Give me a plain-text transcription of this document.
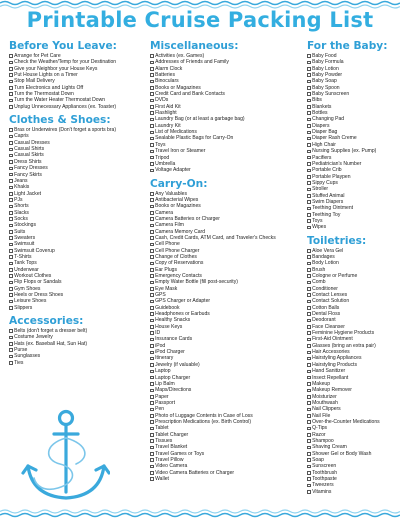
Printable Cruise Packing List
Before You Leave:
Arrange for Pet Care
Check the Weather/Temp for your Destination
Give your Neighbor your House Keys
Put House Lights on a Timer
Stop Mail Delivery
Turn Electronics and Lights Off
Turn the Thermostat Down
Turn the Water Heater Thermostat Down
Unplug Unnecessary Appliances (ex. Toaster)
Clothes & Shoes:
Bras or Underwires (Don't forget a sports bra)
Capris
Casual Dresses
Casual Shirts
Casual Skirts
Dress Shirts
Fancy Dresses
Fancy Skirts
Jeans
Khakis
Light Jacket
PJs
Shorts
Slacks
Socks
Stockings
Suits
Sweaters
Swimsuit
Swimsuit Coverup
T-Shirts
Tank Tops
Underwear
Workout Clothes
Flip Flops or Sandals
Gym Shoes
Heels or Dress Shoes
Leisure Shoes
Slippers
Accessories:
Belts (don't forget a dresser belt)
Costume Jewelry
Hats (ex. Baseball Hat, Sun Hat)
Purse
Sunglasses
Ties
Miscellaneous:
Activities (ex. Games)
Addresses of Friends and Family
Alarm Clock
Batteries
Binoculars
Books or Magazines
Credit Card and Bank Contacts
DVDs
First Aid Kit
Flashlight
Laundry Bag (or at least a garbage bag)
Laundry Kit
List of Medications
Sealable Plastic Bags for Carry-On
Toys
Travel Iron or Steamer
Tripod
Umbrella
Voltage Adapter
Carry-On:
Any Valuables
Antibacterial Wipes
Books or Magazines
Camera
Camera Batteries or Charger
Camera Film
Camera Memory Card
Cash, Credit Cards, ATM Card, and Traveler's Checks
Cell Phone
Cell Phone Charger
Change of Clothes
Copy of Reservations
Ear Plugs
Emergency Contacts
Empty Water Bottle (fill post-security)
Eye Mask
GPS
GPS Charger or Adapter
Guidebook
Headphones or Earbuds
Healthy Snacks
House Keys
ID
Insurance Cards
iPod
iPod Charger
Itinerary
Jewelry (if valuable)
Laptop
Laptop Charger
Lip Balm
Maps/Directions
Paper
Passport
Pen
Photo of Luggage Contents in Case of Loss
Prescription Medications (ex. Birth Control)
Tablet
Tablet Charger
Tissues
Travel Blanket
Travel Games or Toys
Travel Pillow
Video Camera
Video Camera Batteries or Charger
Wallet
For the Baby:
Baby Food
Baby Formula
Baby Lotion
Baby Powder
Baby Soap
Baby Spoon
Baby Sunscreen
Bibs
Blankets
Bottles
Changing Pad
Diapers
Diaper Bag
Diaper Rash Creme
High Chair
Nursing Supplies (ex. Pump)
Pacifiers
Pediatrician's Number
Portable Crib
Portable Playpen
Sippy Cups
Stroller
Stuffed Animal
Swim Diapers
Teething Ointment
Teething Toy
Toys
Wipes
Toiletries:
Aloe Vera Gel
Bandages
Body Lotion
Brush
Cologne or Perfume
Comb
Conditioner
Contact Lenses
Contact Solution
Cotton Balls
Dental Floss
Deodorant
Face Cleanser
Feminine Hygiene Products
First-Aid Ointment
Glasses (bring an extra pair)
Hair Accessories
Hairstyling Appliances
Hairstyling Products
Hand Sanitizer
Insect Repellant
Makeup
Makeup Remover
Moisturizer
Mouthwash
Nail Clippers
Nail File
Over-the-Counter Medications
Q-Tips
Razor
Shampoo
Shaving Cream
Shower Gel or Body Wash
Soap
Sunscreen
Toothbrush
Toothpaste
Tweezers
Vitamins
